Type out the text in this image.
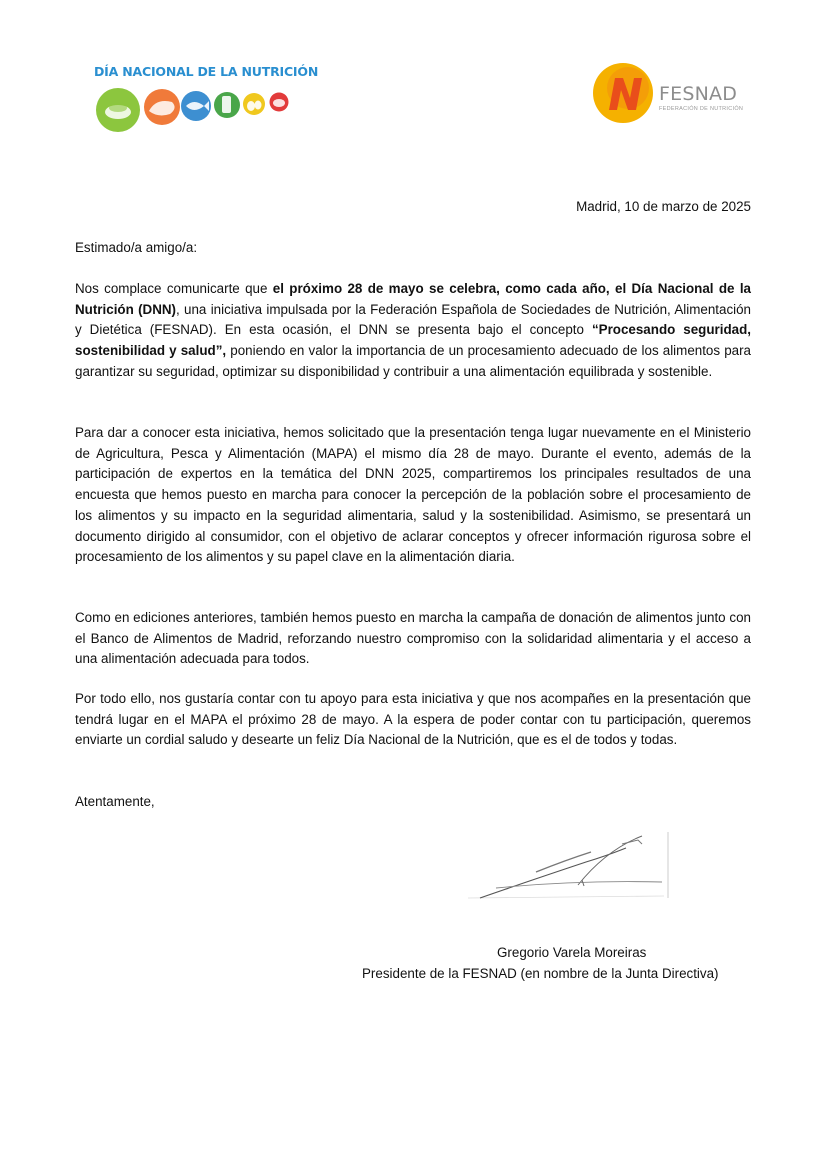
DÍA NACIONAL DE LA NUTRICIÓN
FESNAD
FEDERACIÓN DE NUTRICIÓN
Madrid, 10 de marzo de 2025
Estimado/a amigo/a:
Nos complace comunicarte que el próximo 28 de mayo se celebra, como cada año, el Día Nacional de la Nutrición (DNN), una iniciativa impulsada por la Federación Española de Sociedades de Nutrición, Alimentación y Dietética (FESNAD). En esta ocasión, el DNN se presenta bajo el concepto “Procesando seguridad, sostenibilidad y salud”, poniendo en valor la importancia de un procesamiento adecuado de los alimentos para garantizar su seguridad, optimizar su disponibilidad y contribuir a una alimentación equilibrada y sostenible.
Para dar a conocer esta iniciativa, hemos solicitado que la presentación tenga lugar nuevamente en el Ministerio de Agricultura, Pesca y Alimentación (MAPA) el mismo día 28 de mayo. Durante el evento, además de la participación de expertos en la temática del DNN 2025, compartiremos los principales resultados de una encuesta que hemos puesto en marcha para conocer la percepción de la población sobre el procesamiento de los alimentos y su impacto en la seguridad alimentaria, salud y la sostenibilidad. Asimismo, se presentará un documento dirigido al consumidor, con el objetivo de aclarar conceptos y ofrecer información rigurosa sobre el procesamiento de los alimentos y su papel clave en la alimentación diaria.
Como en ediciones anteriores, también hemos puesto en marcha la campaña de donación de alimentos junto con el Banco de Alimentos de Madrid, reforzando nuestro compromiso con la solidaridad alimentaria y el acceso a una alimentación adecuada para todos.
Por todo ello, nos gustaría contar con tu apoyo para esta iniciativa y que nos acompañes en la presentación que tendrá lugar en el MAPA el próximo 28 de mayo. A la espera de poder contar con tu participación, queremos enviarte un cordial saludo y desearte un feliz Día Nacional de la Nutrición, que es el de todos y todas.
Atentamente,
Gregorio Varela Moreiras
Presidente de la FESNAD (en nombre de la Junta Directiva)
